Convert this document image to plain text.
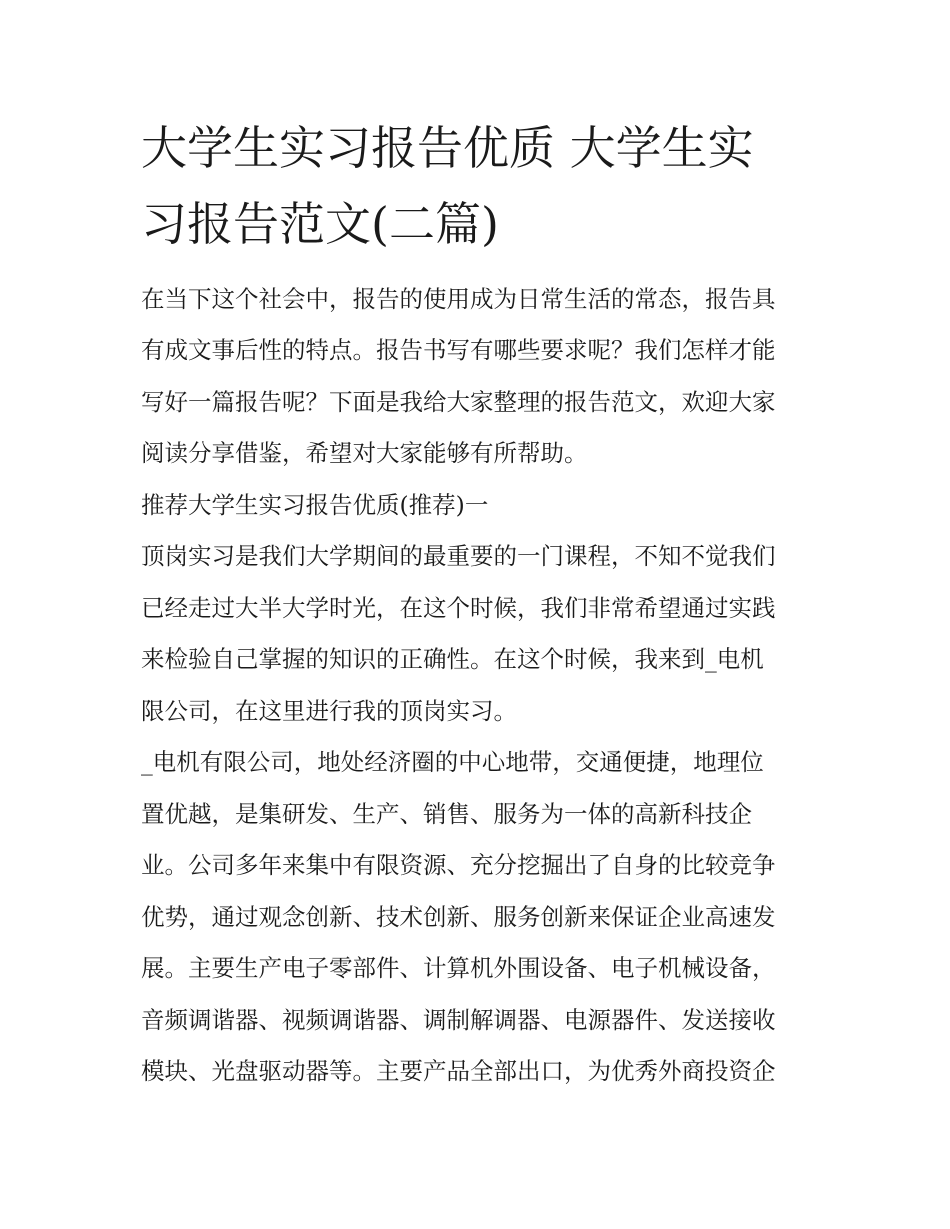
大学生实习报告优质 大学生实
习报告范文(二篇)

在当下这个社会中，报告的使用成为日常生活的常态，报告具

有成文事后性的特点。报告书写有哪些要求呢？我们怎样才能

写好一篇报告呢？下面是我给大家整理的报告范文，欢迎大家

阅读分享借鉴，希望对大家能够有所帮助。

推荐大学生实习报告优质(推荐)一

顶岗实习是我们大学期间的最重要的一门课程，不知不觉我们

已经走过大半大学时光，在这个时候，我们非常希望通过实践

来检验自己掌握的知识的正确性。在这个时候，我来到_电机

限公司，在这里进行我的顶岗实习。

_电机有限公司，地处经济圈的中心地带，交通便捷，地理位

置优越，是集研发、生产、销售、服务为一体的高新科技企

业。公司多年来集中有限资源、充分挖掘出了自身的比较竞争

优势，通过观念创新、技术创新、服务创新来保证企业高速发

展。主要生产电子零部件、计算机外围设备、电子机械设备，

音频调谐器、视频调谐器、调制解调器、电源器件、发送接收

模块、光盘驱动器等。主要产品全部出口，为优秀外商投资企
